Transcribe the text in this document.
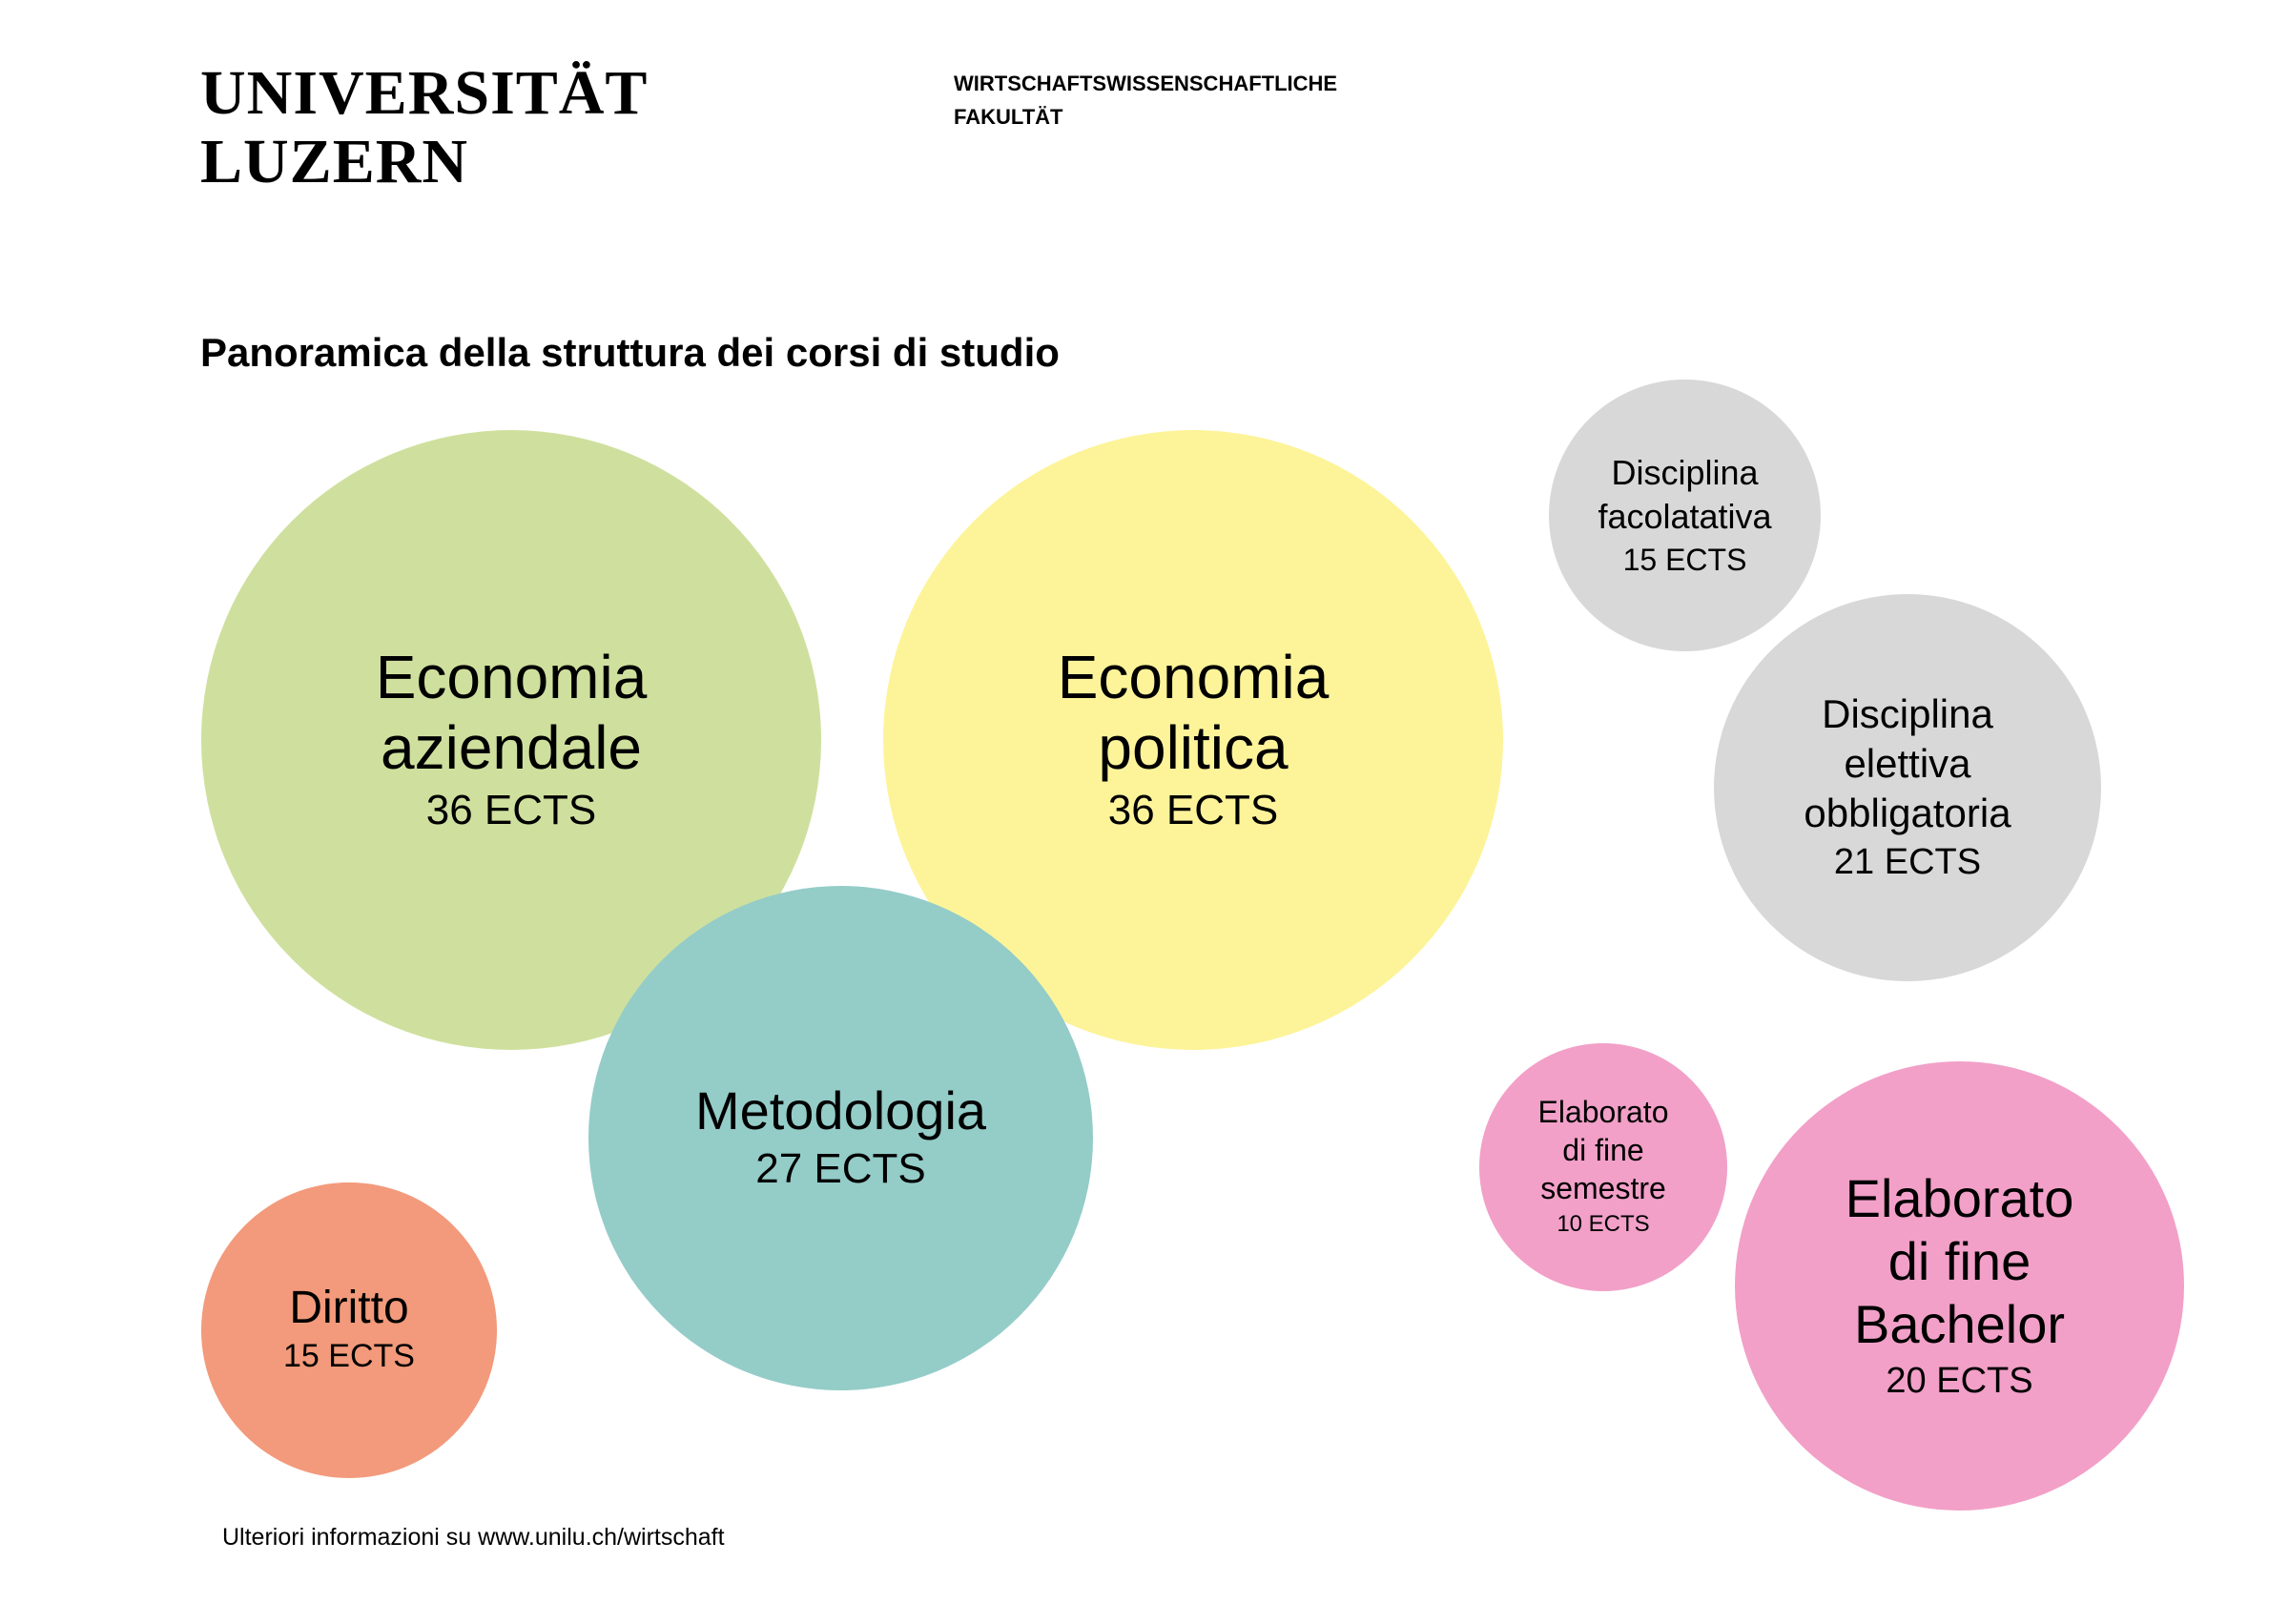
UNIVERSITÄT
LUZERN
WIRTSCHAFTSWISSENSCHAFTLICHE
FAKULTÄT
Panoramica della struttura dei corsi di studio
Economia
aziendale
36 ECTS
Economia
politica
36 ECTS
Metodologia
27 ECTS
Diritto
15 ECTS
Disciplina
facolatativa
15 ECTS
Disciplina
elettiva
obbligatoria
21 ECTS
Elaborato
di fine
semestre
10 ECTS	Elaborato
di fine
Bachelor
20 ECTS
Ulteriori informazioni su www.unilu.ch/wirtschaft
